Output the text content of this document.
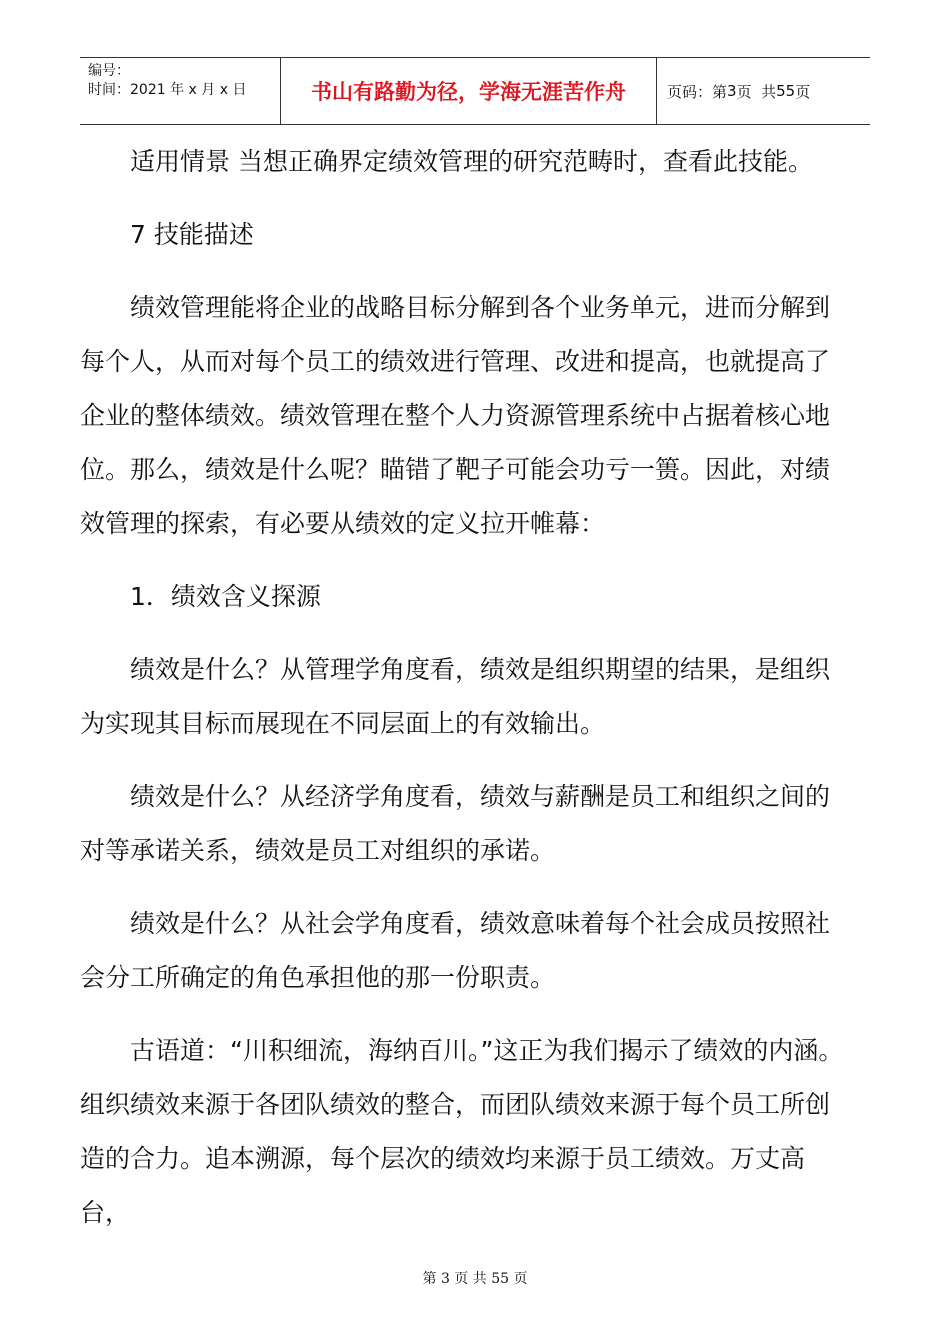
编号：
时间：2021 年 x 月 x 日	书山有路勤为径，学海无涯苦作舟	页码：第 3 页  共 55 页

适用情景 当想正确界定绩效管理的研究范畴时，查看此技能。

7 技能描述

绩效管理能将企业的战略目标分解到各个业务单元，进而分解到每个人，从而对每个员工的绩效进行管理、改进和提高，也就提高了企业的整体绩效。绩效管理在整个人力资源管理系统中占据着核心地位。那么，绩效是什么呢？瞄错了靶子可能会功亏一篑。因此，对绩效管理的探索，有必要从绩效的定义拉开帷幕：

1．绩效含义探源

绩效是什么？从管理学角度看，绩效是组织期望的结果，是组织为实现其目标而展现在不同层面上的有效输出。

绩效是什么？从经济学角度看，绩效与薪酬是员工和组织之间的对等承诺关系，绩效是员工对组织的承诺。

绩效是什么？从社会学角度看，绩效意味着每个社会成员按照社会分工所确定的角色承担他的那一份职责。

古语道：“川积细流，海纳百川。”这正为我们揭示了绩效的内涵。组织绩效来源于各团队绩效的整合，而团队绩效来源于每个员工所创造的合力。追本溯源，每个层次的绩效均来源于员工绩效。万丈高台，

第 3 页 共 55 页
